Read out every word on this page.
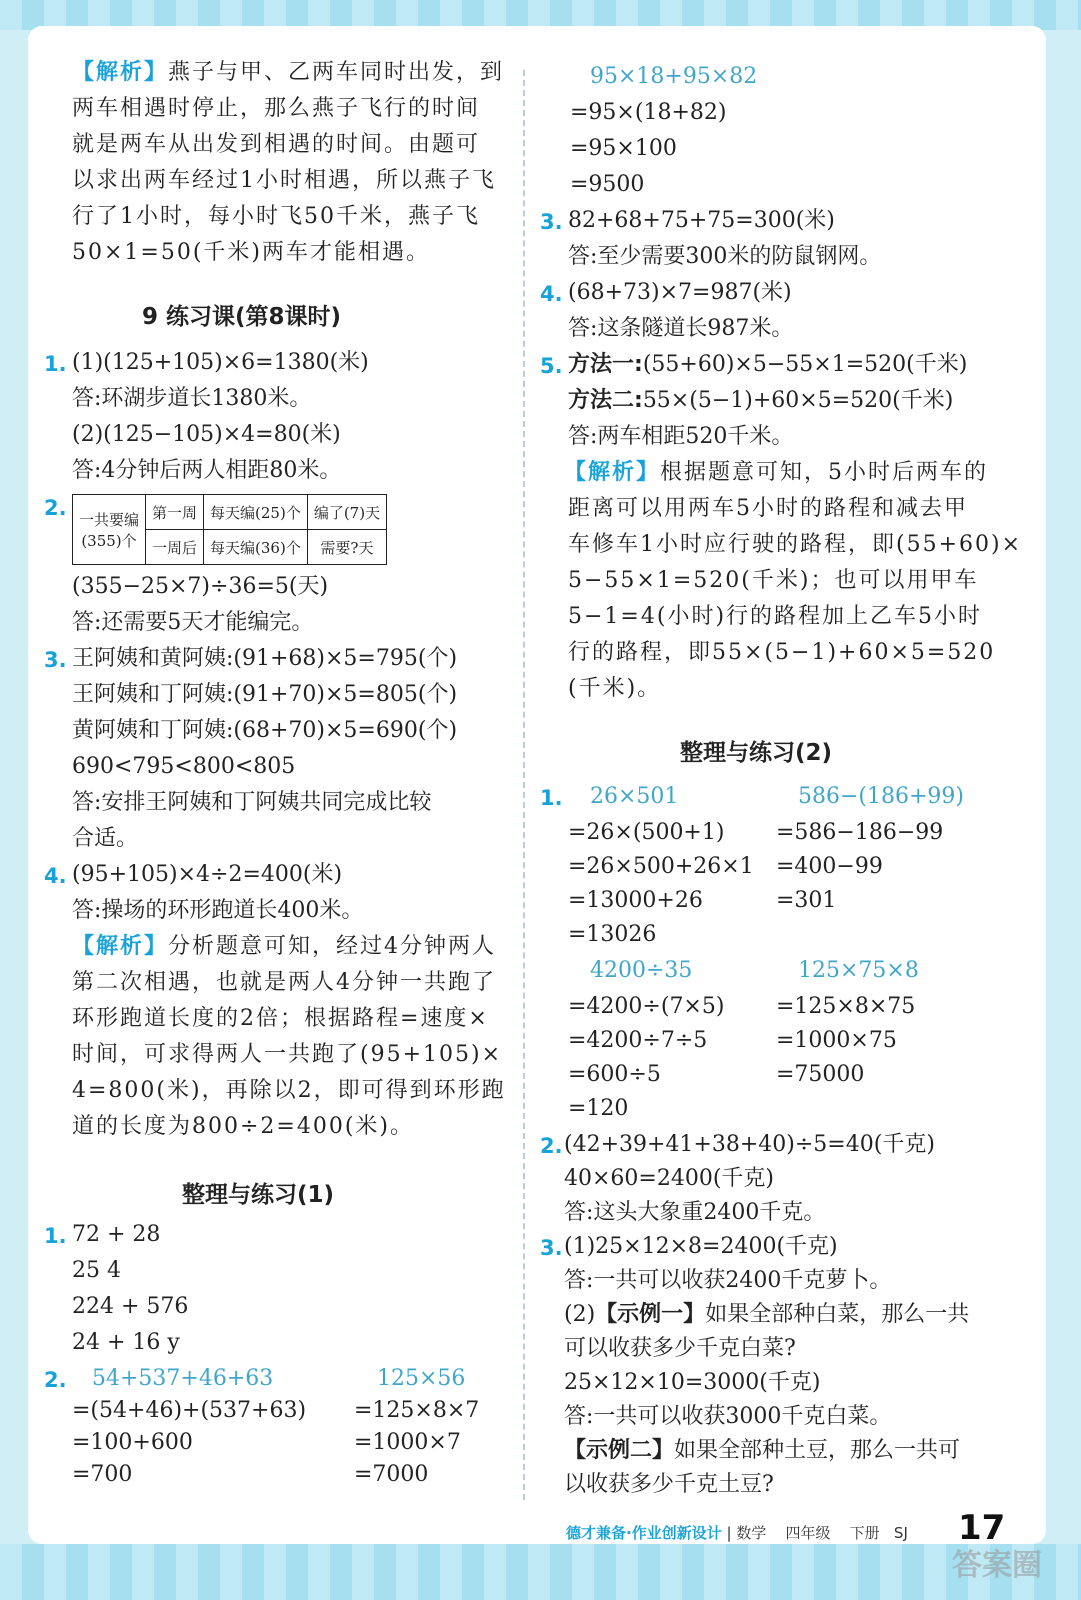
【解析】燕子与甲、乙两车同时出发，到
两车相遇时停止，那么燕子飞行的时间
就是两车从出发到相遇的时间。由题可
以求出两车经过1小时相遇，所以燕子飞
行了1小时，每小时飞50千米，燕子飞
50×1=50(千米)两车才能相遇。
9 练习课(第8课时)
1. (1)(125+105)×6=1380(米)
答:环湖步道长1380米。
(2)(125−105)×4=80(米)
答:4分钟后两人相距80米。
2. 一共要编
(355)个	第一周	每天编(25)个	编了(7)天
	一周后	每天编(36)个	需要?天
(355−25×7)÷36=5(天)
答:还需要5天才能编完。
3. 王阿姨和黄阿姨:(91+68)×5=795(个)
王阿姨和丁阿姨:(91+70)×5=805(个)
黄阿姨和丁阿姨:(68+70)×5=690(个)
690<795<800<805
答:安排王阿姨和丁阿姨共同完成比较
合适。
4. (95+105)×4÷2=400(米)
答:操场的环形跑道长400米。
【解析】分析题意可知，经过4分钟两人
第二次相遇，也就是两人4分钟一共跑了
环形跑道长度的2倍；根据路程=速度×
时间，可求得两人一共跑了(95+105)×
4=800(米)，再除以2，即可得到环形跑
道的长度为800÷2=400(米)。
整理与练习(1)
1. 72 + 28
25 4
224 + 576
24 + 16 y
2. 54+537+46+63
=(54+46)+(537+63)
=100+600
=700
125×56
=125×8×7
=1000×7
=7000
95×18+95×82
=95×(18+82)
=95×100
=9500
3. 82+68+75+75=300(米)
答:至少需要300米的防鼠钢网。
4. (68+73)×7=987(米)
答:这条隧道长987米。
5. 方法一:(55+60)×5−55×1=520(千米)
方法二:55×(5−1)+60×5=520(千米)
答:两车相距520千米。
【解析】根据题意可知，5小时后两车的
距离可以用两车5小时的路程和减去甲
车修车1小时应行驶的路程，即(55+60)×
5−55×1=520(千米)；也可以用甲车
5−1=4(小时)行的路程加上乙车5小时
行的路程，即55×(5−1)+60×5=520
(千米)。
整理与练习(2)
1. 26×501
=26×(500+1)
=26×500+26×1
=13000+26
=13026
586−(186+99)
=586−186−99
=400−99
=301
4200÷35
=4200÷(7×5)
=4200÷7÷5
=600÷5
=120
125×75×8
=125×8×75
=1000×75
=75000
2. (42+39+41+38+40)÷5=40(千克)
40×60=2400(千克)
答:这头大象重2400千克。
3. (1)25×12×8=2400(千克)
答:一共可以收获2400千克萝卜。
(2)【示例一】如果全部种白菜，那么一共
可以收获多少千克白菜?
25×12×10=3000(千克)
答:一共可以收获3000千克白菜。
【示例二】如果全部种土豆，那么一共可
以收获多少千克土豆?
德才兼备·作业创新设计 | 数学 四年级 下册 SJ 17
答案圈
